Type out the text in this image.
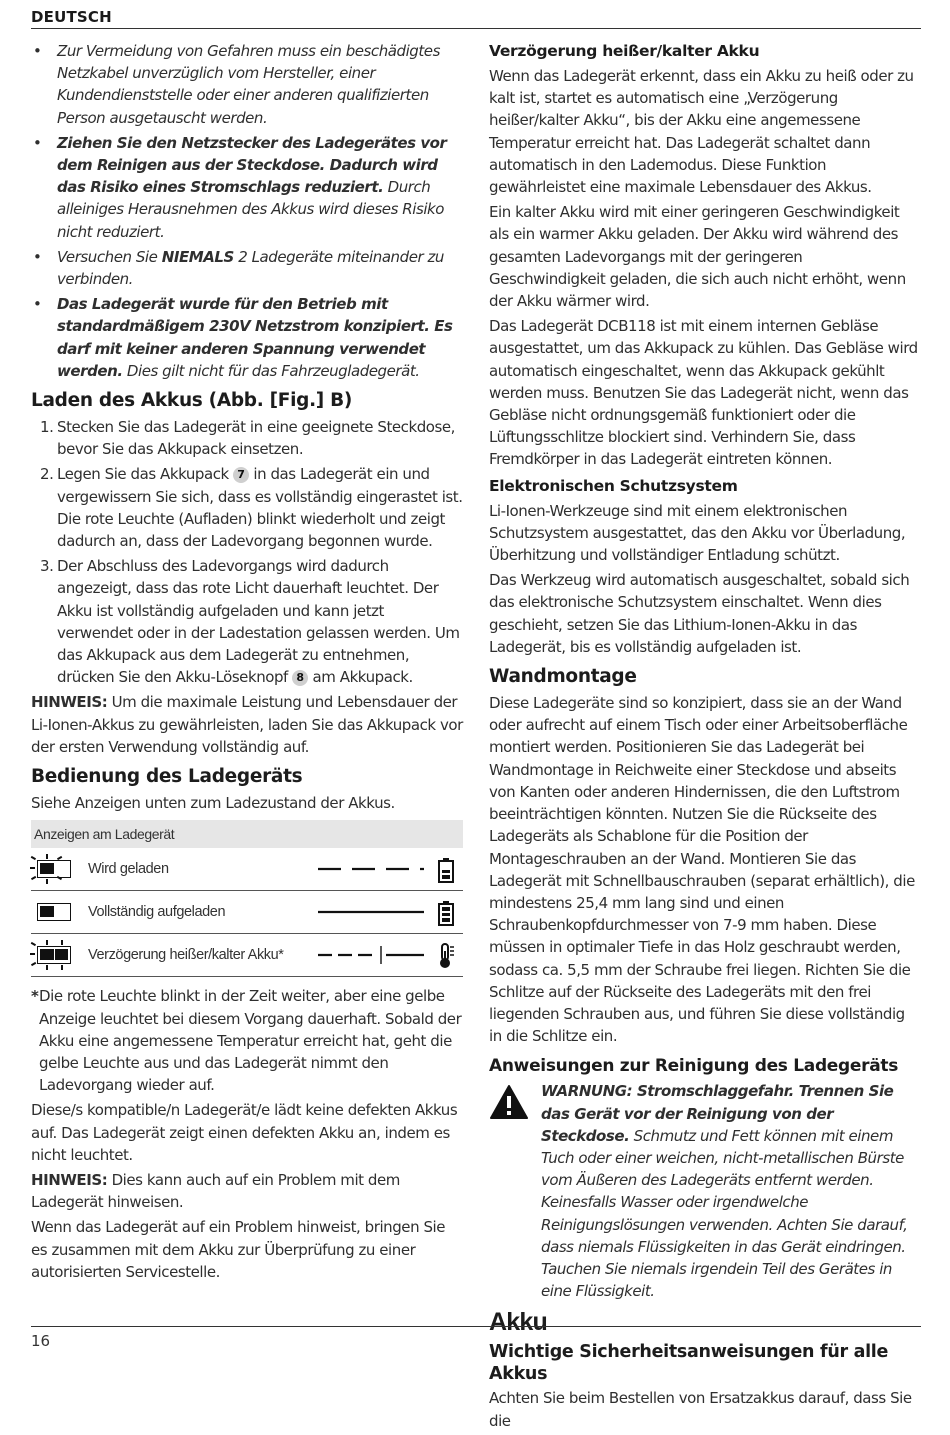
DEUTSCH
• Zur Vermeidung von Gefahren muss ein beschädigtes Netzkabel unverzüglich vom Hersteller, einer Kundendienststelle oder einer anderen qualifizierten Person ausgetauscht werden.
• Ziehen Sie den Netzstecker des Ladegerätes vor dem Reinigen aus der Steckdose. Dadurch wird das Risiko eines Stromschlags reduziert. Durch alleiniges Herausnehmen des Akkus wird dieses Risiko nicht reduziert.
• Versuchen Sie NIEMALS 2 Ladegeräte miteinander zu verbinden.
• Das Ladegerät wurde für den Betrieb mit standardmäßigem 230V Netzstrom konzipiert. Es darf mit keiner anderen Spannung verwendet werden. Dies gilt nicht für das Fahrzeugladegerät.
Laden des Akkus (Abb. [Fig.] B)
1. Stecken Sie das Ladegerät in eine geeignete Steckdose, bevor Sie das Akkupack einsetzen.
2. Legen Sie das Akkupack 7 in das Ladegerät ein und vergewissern Sie sich, dass es vollständig eingerastet ist. Die rote Leuchte (Aufladen) blinkt wiederholt und zeigt dadurch an, dass der Ladevorgang begonnen wurde.
3. Der Abschluss des Ladevorgangs wird dadurch angezeigt, dass das rote Licht dauerhaft leuchtet. Der Akku ist vollständig aufgeladen und kann jetzt verwendet oder in der Ladestation gelassen werden. Um das Akkupack aus dem Ladegerät zu entnehmen, drücken Sie den Akku-Löseknopf 8 am Akkupack.
HINWEIS: Um die maximale Leistung und Lebensdauer der Li-Ionen-Akkus zu gewährleisten, laden Sie das Akkupack vor der ersten Verwendung vollständig auf.
Bedienung des Ladegeräts
Siehe Anzeigen unten zum Ladezustand der Akkus.
Anzeigen am Ladegerät
Wird geladen
Vollständig aufgeladen
Verzögerung heißer/kalter Akku*
* Die rote Leuchte blinkt in der Zeit weiter, aber eine gelbe Anzeige leuchtet bei diesem Vorgang dauerhaft. Sobald der Akku eine angemessene Temperatur erreicht hat, geht die gelbe Leuchte aus und das Ladegerät nimmt den Ladevorgang wieder auf.
Diese/s kompatible/n Ladegerät/e lädt keine defekten Akkus auf. Das Ladegerät zeigt einen defekten Akku an, indem es nicht leuchtet.
HINWEIS: Dies kann auch auf ein Problem mit dem Ladegerät hinweisen.
Wenn das Ladegerät auf ein Problem hinweist, bringen Sie es zusammen mit dem Akku zur Überprüfung zu einer autorisierten Servicestelle.
Verzögerung heißer/kalter Akku
Wenn das Ladegerät erkennt, dass ein Akku zu heiß oder zu kalt ist, startet es automatisch eine „Verzögerung heißer/kalter Akku“, bis der Akku eine angemessene Temperatur erreicht hat. Das Ladegerät schaltet dann automatisch in den Lademodus. Diese Funktion gewährleistet eine maximale Lebensdauer des Akkus.
Ein kalter Akku wird mit einer geringeren Geschwindigkeit als ein warmer Akku geladen. Der Akku wird während des gesamten Ladevorgangs mit der geringeren Geschwindigkeit geladen, die sich auch nicht erhöht, wenn der Akku wärmer wird.
Das Ladegerät DCB118 ist mit einem internen Gebläse ausgestattet, um das Akkupack zu kühlen. Das Gebläse wird automatisch eingeschaltet, wenn das Akkupack gekühlt werden muss. Benutzen Sie das Ladegerät nicht, wenn das Gebläse nicht ordnungsgemäß funktioniert oder die Lüftungsschlitze blockiert sind. Verhindern Sie, dass Fremdkörper in das Ladegerät eintreten können.
Elektronischen Schutzsystem
Li-Ionen-Werkzeuge sind mit einem elektronischen Schutzsystem ausgestattet, das den Akku vor Überladung, Überhitzung und vollständiger Entladung schützt.
Das Werkzeug wird automatisch ausgeschaltet, sobald sich das elektronische Schutzsystem einschaltet. Wenn dies geschieht, setzen Sie das Lithium-Ionen-Akku in das Ladegerät, bis es vollständig aufgeladen ist.
Wandmontage
Diese Ladegeräte sind so konzipiert, dass sie an der Wand oder aufrecht auf einem Tisch oder einer Arbeitsoberfläche montiert werden. Positionieren Sie das Ladegerät bei Wandmontage in Reichweite einer Steckdose und abseits von Kanten oder anderen Hindernissen, die den Luftstrom beeinträchtigen könnten. Nutzen Sie die Rückseite des Ladegeräts als Schablone für die Position der Montageschrauben an der Wand. Montieren Sie das Ladegerät mit Schnellbauschrauben (separat erhältlich), die mindestens 25,4 mm lang sind und einen Schraubenkopfdurchmesser von 7-9 mm haben. Diese müssen in optimaler Tiefe in das Holz geschraubt werden, sodass ca. 5,5 mm der Schraube frei liegen. Richten Sie die Schlitze auf der Rückseite des Ladegeräts mit den frei liegenden Schrauben aus, und führen Sie diese vollständig in die Schlitze ein.
Anweisungen zur Reinigung des Ladegeräts
WARNUNG: Stromschlaggefahr. Trennen Sie das Gerät vor der Reinigung von der Steckdose. Schmutz und Fett können mit einem Tuch oder einer weichen, nicht-metallischen Bürste vom Äußeren des Ladegeräts entfernt werden. Keinesfalls Wasser oder irgendwelche Reinigungslösungen verwenden. Achten Sie darauf, dass niemals Flüssigkeiten in das Gerät eindringen. Tauchen Sie niemals irgendein Teil des Gerätes in eine Flüssigkeit.
Akku
Wichtige Sicherheitsanweisungen für alle Akkus
Achten Sie beim Bestellen von Ersatzakkus darauf, dass Sie die
16
